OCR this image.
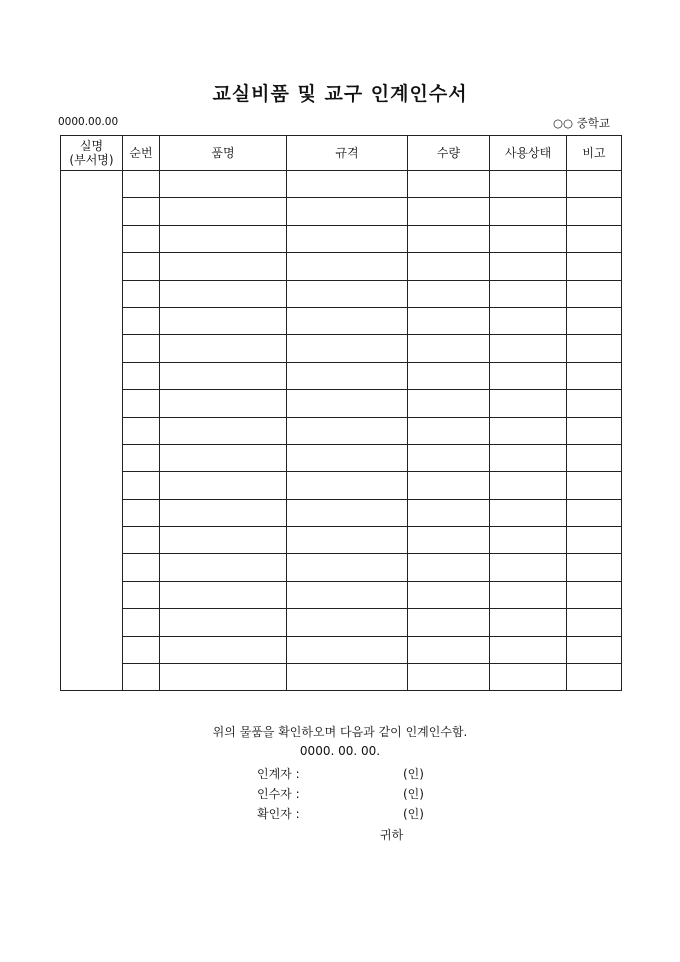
교실비품 및 교구 인계인수서
0000.00.00	○○ 중학교
실명
(부서명)	순번	품명	규격	수량	사용상태	비고

위의 물품을 확인하오며 다음과 같이 인계인수함.
0000. 00. 00.
인계자 :	(인)
인수자 :	(인)
확인자 :	(인)
귀하
